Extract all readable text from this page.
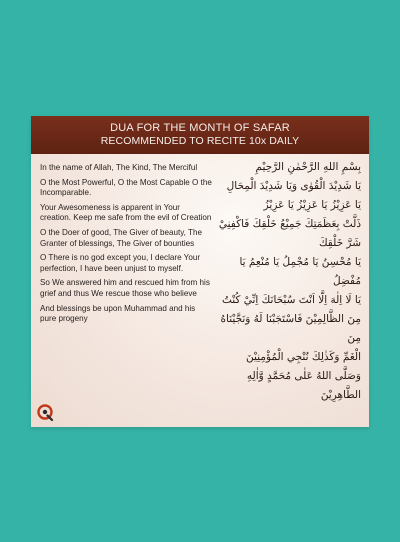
DUA FOR THE MONTH OF SAFAR
RECOMMENDED TO RECITE 10x DAILY

In the name of Allah, The Kind, The Merciful

O the Most Powerful, O the Most Capable O the Incomparable.

Your Awesomeness is apparent in Your creation. Keep me safe from the evil of Creation

O the Doer of good, The Giver of beauty, The Granter of blessings, The Giver of bounties

O There is no god except you, I declare Your perfection, I have been unjust to myself.

So We answered him and rescued him from his grief and thus We rescue those who believe

And blessings be upon Muhammad and his pure progeny

بِسْمِ اللهِ الرَّحْمٰنِ الرَّحِيْمِ

يَا شَدِيْدَ الْقُوٰى وَيَا شَدِيْدَ الْمِحَالِ

يَا عَزِيْزُ يَا عَزِيْزُ يَا عَزِيْزُ

ذَلَّتْ بِعَظَمَتِكَ جَمِيْعُ خَلْقِكَ فَاكْفِنِيْ

شَرَّ خَلْقِكَ

يَا مُحْسِنُ يَا مُجْمِلُ يَا مُنْعِمُ يَا مُفْضِلُ

يَا لَا اِلٰهَ اِلَّا اَنْتَ سُبْحَانَكَ اِنِّيْ كُنْتُ

مِنَ الظَّالِمِيْنَ فَاسْتَجَبْنَا لَهُ وَنَجَّيْنَاهُ مِنَ

الْغَمِّ وَكَذٰلِكَ نُنْجِي الْمُؤْمِنِيْنَ

وَصَلَّى اللهُ عَلٰى مُحَمَّدٍ وَّاٰلِهِ الطَّاهِرِيْنَ
